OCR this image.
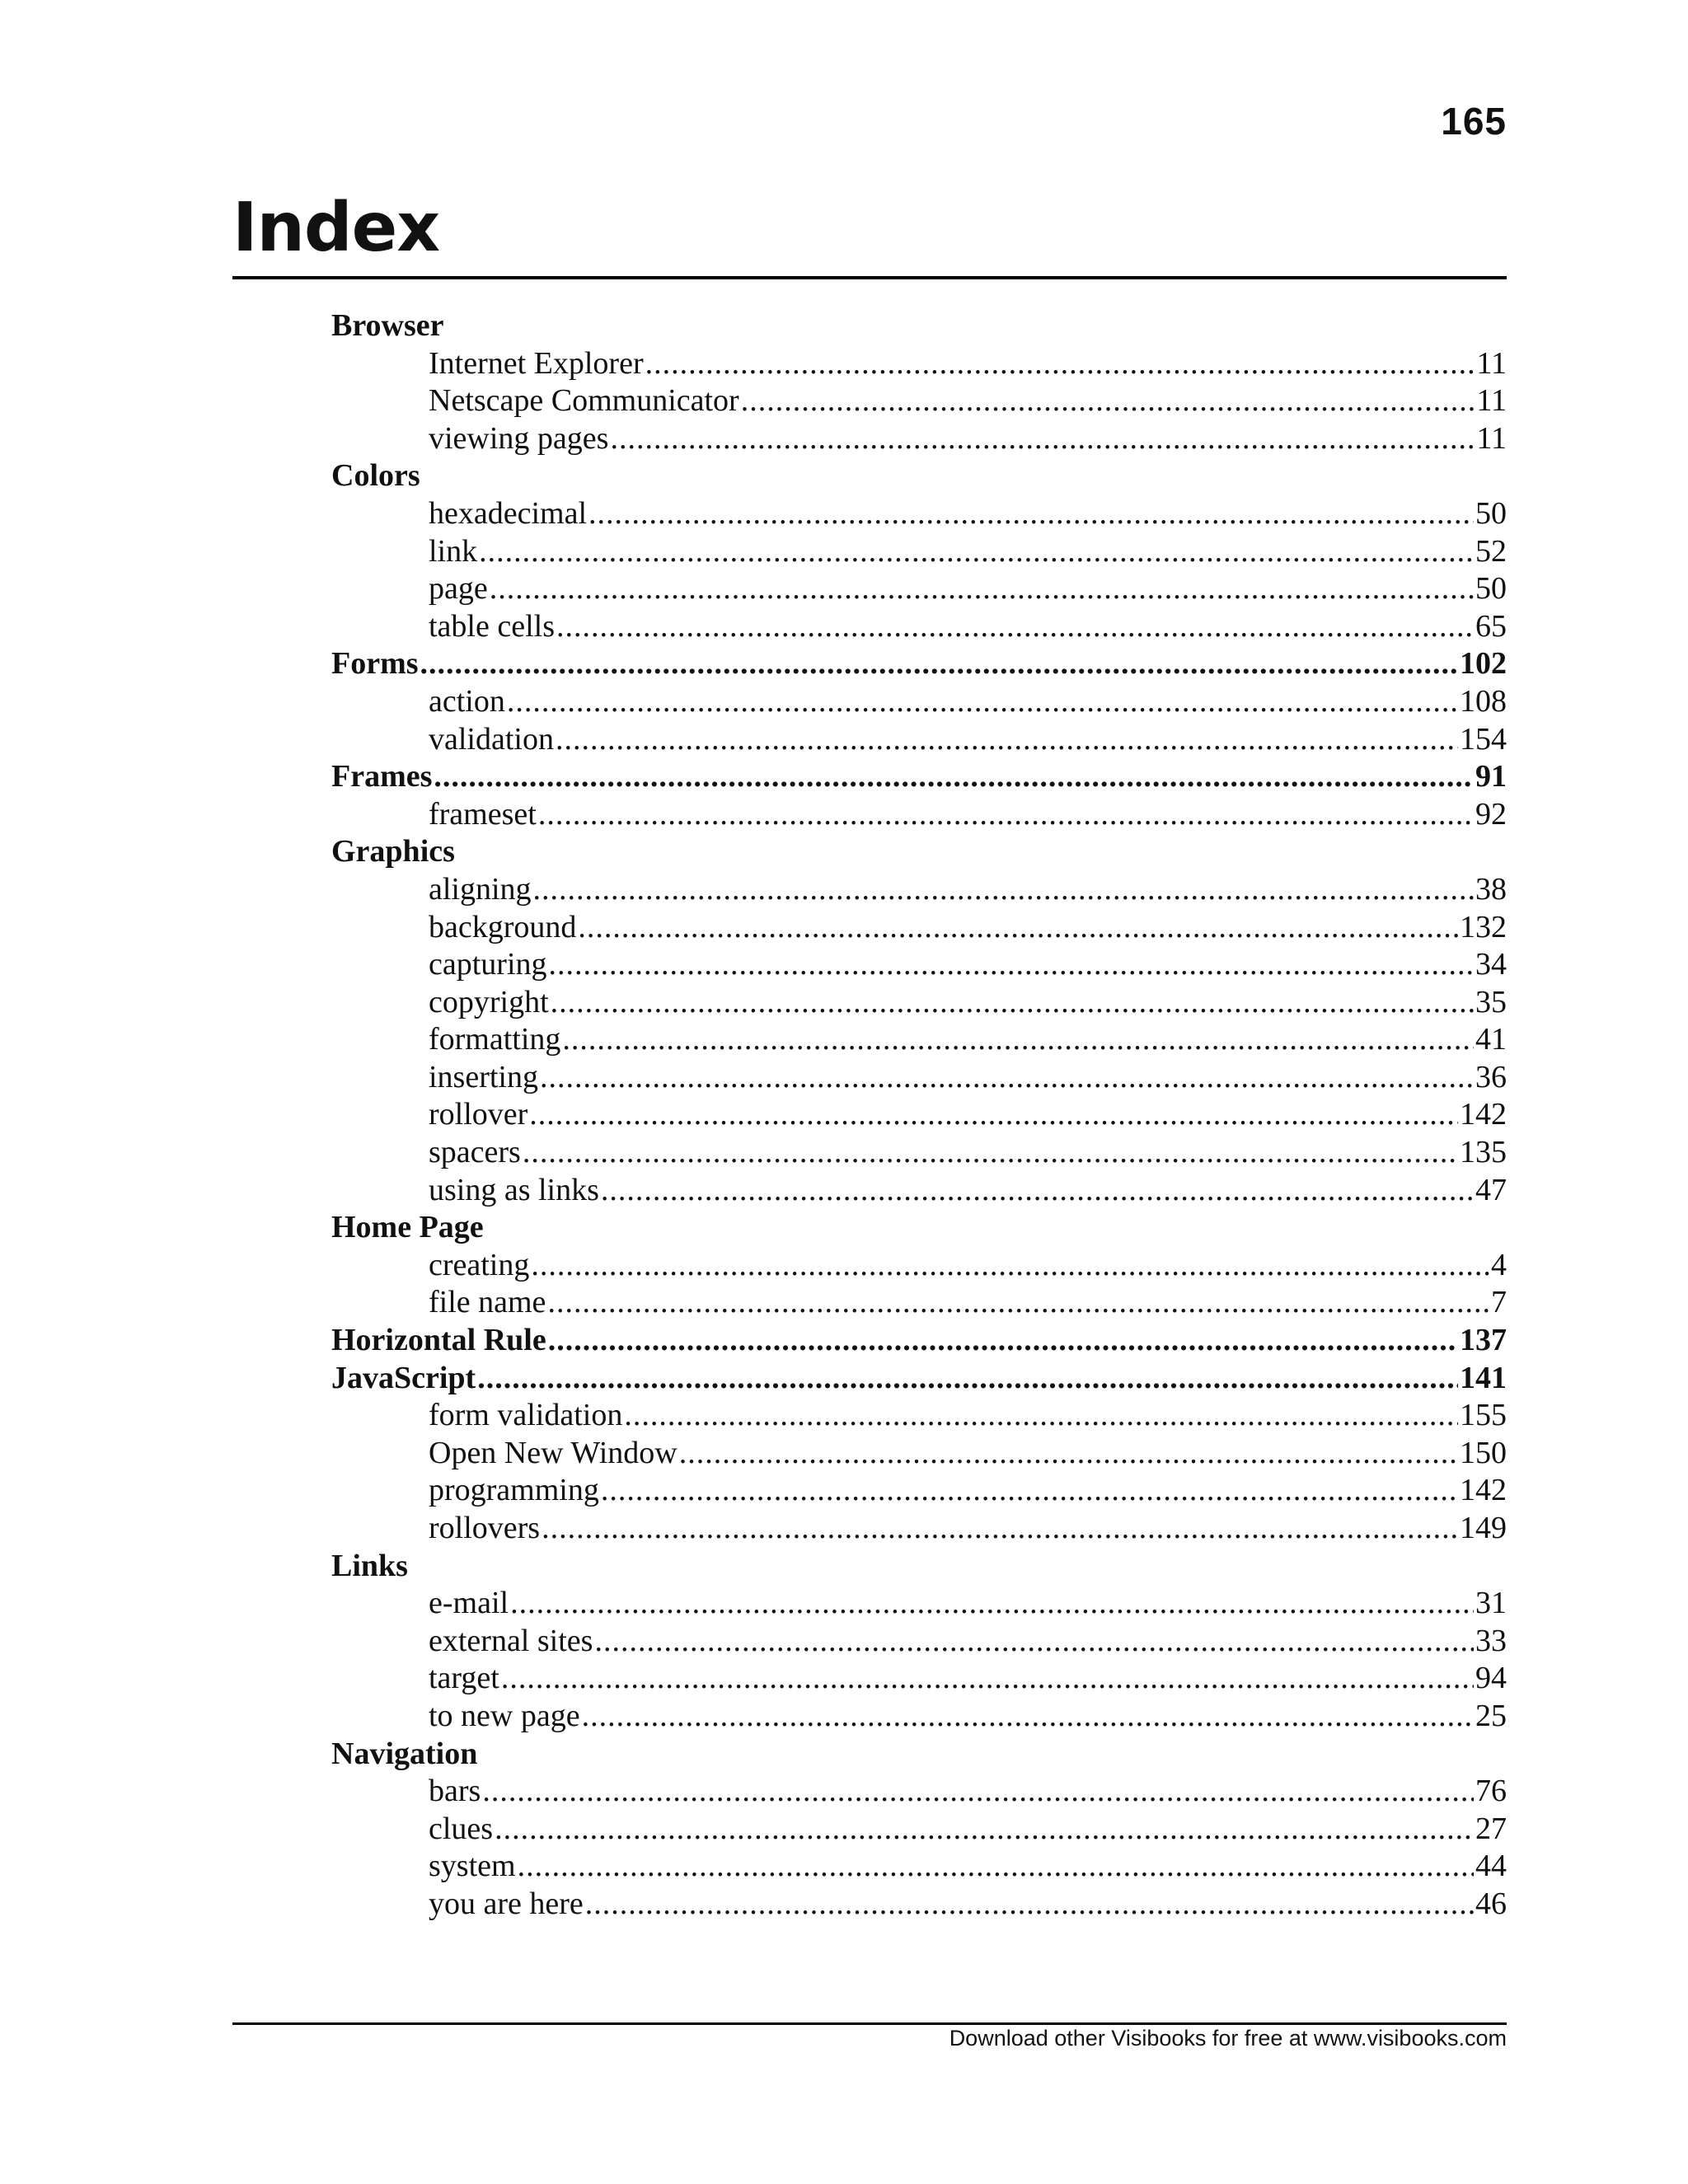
165
Index
Browser
Internet Explorer .....	11
Netscape Communicator .....	11
viewing pages .....	11
Colors
hexadecimal .....	50
link .....	52
page .....	50
table cells .....	65
Forms .....	102
action .....	108
validation .....	154
Frames .....	91
frameset .....	92
Graphics
aligning .....	38
background .....	132
capturing .....	34
copyright .....	35
formatting .....	41
inserting .....	36
rollover .....	142
spacers .....	135
using as links .....	47
Home Page
creating .....	4
file name .....	7
Horizontal Rule .....	137
JavaScript .....	141
form validation .....	155
Open New Window .....	150
programming .....	142
rollovers .....	149
Links
e-mail .....	31
external sites .....	33
target .....	94
to new page .....	25
Navigation
bars .....	76
clues .....	27
system .....	44
you are here .....	46
Download other Visibooks for free at www.visibooks.com
